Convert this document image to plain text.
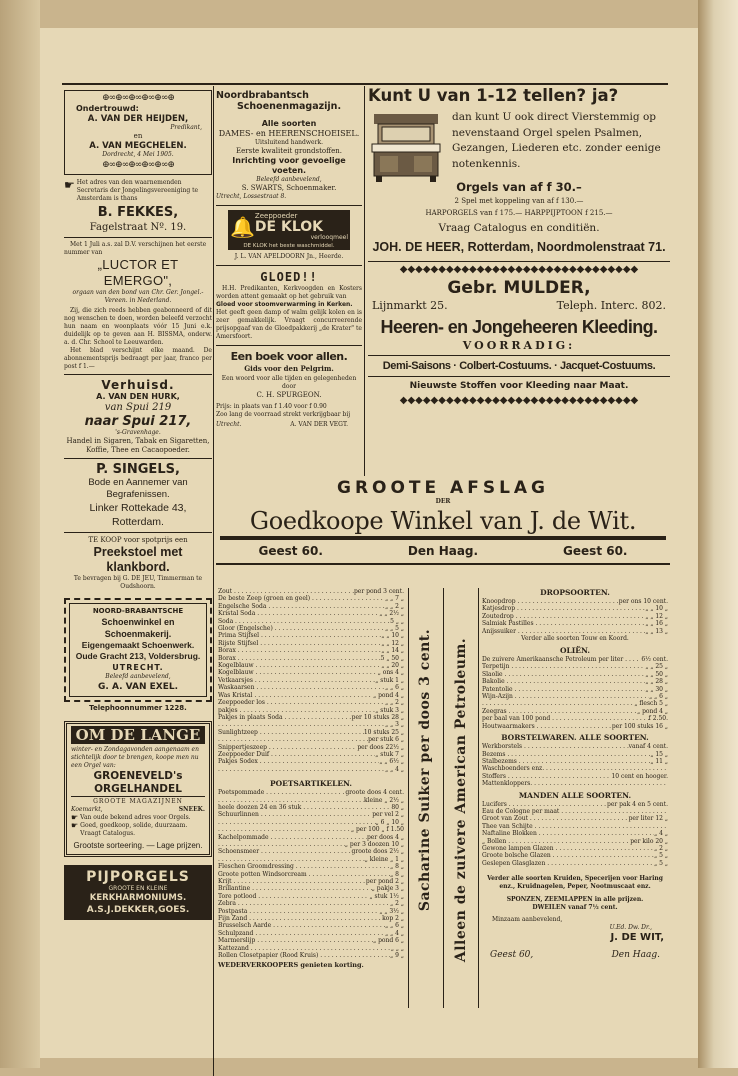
⊕∞⊕∞⊕∞⊕∞⊕∞⊕

Ondertrouwd:

A. VAN DER HEIJDEN,

Predikant,

en

A. VAN MEGCHELEN.

Dordrecht, 4 Mei 1905.

⊕∞⊕∞⊕∞⊕∞⊕∞⊕
☛ Het adres van den waarnemenden Secretaris der Jongelingsvereeniging te Amsterdam is thans

B. FEKKES,

Fagelstraat Nº. 19.

Met 1 Juli a.s. zal D.V. verschijnen het eerste nummer van

„LUCTOR ET EMERGO",

orgaan van den bond van Chr. Ger. Jongel.-Vereen. in Nederland.

Zij, die zich reeds hebben geabonneerd of dit nog wenschen te doen, worden beleefd verzocht hun naam en woonplaats vóór 15 Juni e.k. duidelijk op te geven aan H. BISSMA, onderw. a. d. Chr. School te Leeuwarden.

Het blad verschijnt elke maand. De abonnementsprijs bedraagt per jaar, franco per post f 1.—

Verhuisd.

A. VAN DEN HURK,

van Spui 219

naar Spui 217,

's-Gravenhage.

Handel in Sigaren, Tabak en Sigaretten, Koffie, Thee en Cacaopoeder.

P. SINGELS,

Bode en Aannemer van Begrafenissen.

Linker Rottekade 43, Rotterdam.

TE KOOP voor spotprijs een

Preekstoel met klankbord.

Te bevragen bij G. DE JEU, Timmerman te Oudshoorn.

NOORD-BRABANTSCHE

Schoenwinkel en Schoenmakerij.

Eigengemaakt Schoenwerk.

Oude Gracht 213, Voldersbrug.

UTRECHT.

Beleefd aanbevelend,

G. A. VAN EXEL.

Telephoonnummer 1228.

OM DE LANGE

winter- en Zondagavonden aangenaam en stichtelijk door te brengen, koope men nu een Orgel van:

GROENEVELD's

ORGELHANDEL

GROOTE MAGAZIJNEN

Koemarkt,	SNEEK.
☛ Van oude bekend adres voor Orgels.

☛ Goed, goedkoop, solide, duurzaam. Vraagt Catalogus.

Grootste sorteering. — Lage prijzen.

PIJPORGELS

GROOTE EN KLEINE

KERKHARMONIUMS.

A.S.J.DEKKER,GOES.

Noordbrabantsch

Schoenenmagazijn.

Alle soorten

DAMES- en HEERENSCHOEISEL.

Uitsluitend handwerk.

Eerste kwaliteit grondstoffen.

Inrichting voor gevoelige voeten.

Beleefd aanbevelend,

S. SWARTS, Schoenmaker.

Utrecht, Lossestraat 8.

🔔 Zeeppoeder

DE KLOK

verlooqmeel

DE KLOK het beste waschmiddel.

J. L. VAN APELDOORN Jn., Heerde.

GLOED!!

H.H. Predikanten, Kerkvoogden en Kosters worden attent gemaakt op het gebruik van

Gloed voor stoomverwarming in Kerken.

Het geeft geen damp of walm gelijk kolen en is zeer gemakkelijk. Vraagt concurreerende prijsopgaaf van de Gloedpakkerij „de Krater" te Amersfoort.

Een boek voor allen.

Gids voor den Pelgrim.

Een woord voor alle tijden en gelegenheden

door

C. H. SPURGEON.

Prijs: in plaats van f 1.40 voor f 0.90

Zoo lang de voorraad strekt verkrijgbaar bij

Utrecht.	A. VAN DER VEGT.

Kunt U van 1-12 tellen? ja?

dan kunt U ook direct Vierstemmig op nevenstaand Orgel spelen Psalmen, Gezangen, Liederen etc. zonder eenige notenkennis.

Orgels van af f 30.–

2 Spel met koppeling van af f 130.—

HARPORGELS van f 175.— HARPPIJPTOON f 215.—

Vraag Catalogus en conditiën.

JOH. DE HEER, Rotterdam, Noordmolenstraat 71.

◆◆◆◆◆◆◆◆◆◆◆◆◆◆◆◆◆◆◆◆◆◆◆◆◆◆◆◆◆◆◆

Gebr. MULDER,

Lijnmarkt 25.	Teleph. Interc. 802.

Heeren- en Jongeheeren Kleeding.

VOORRADIG:

Demi-Saisons · Colbert-Costuums. · Jacquet-Costuums.

Nieuwste Stoffen voor Kleeding naar Maat.

◆◆◆◆◆◆◆◆◆◆◆◆◆◆◆◆◆◆◆◆◆◆◆◆◆◆◆◆◆◆◆

GROOTE AFSLAG

DER

Goedkoope Winkel van J. de Wit.

Geest 60.	Den Haag.	Geest 60.
Zout . . .	per pond 3 cent.
De beste Zeep (groen en geel) . . .	„ „ 7 „
Engelsche Soda . . .	„ „ 2 „
Kristal Soda . . .	„ „ 2½ „
Soda . . .	5 „ „
Gloor (Engelsche) . . .	„ „ 5 „
Prima Stijfsel . . .	„ „ 10 „
Rijste Stijfsel . . .	„ „ 12 „
Borax . . .	„ „ 14 „
Borax . . .	5 „ 50 „
Kogelblauw . . .	„ „ 20 „
Kogelblauw . . .	„ ons 4 „
Vetkaarsjes . . .	„ stuk 1 „
Waskaarsen . . .	„ „ 6 „
Was Kristal . . .	„ pond 4 „
Zeeppoeder los . . .	„ „ 2 „
pakjes . . .	„ stuk 3 „
Pakjes in plaats Soda . . .	per 10 stuks 28 „
. . .
„ „ 3 „
Sunlightzeep . . .	10 stuks 25 „
. . .
per stuk 6 „
Snippertjeszeep . . .	per doos 22½ „
Zeeppoeder Duif . . .	„ stuk 7 „
Pakjes Sodex . . .	„ „ 6½ „
. . .
„ „ 4 „

POETSARTIKELEN.

Poetspommade . . .	groote doos 4 cent.
. . .
kleine „ 2½ „
heele doozen 24 en 36 stuk . . .	80 „
Schuurlinnen . . .	per vel 2 „
. . .
„ 6 „ 10 „
. . .
„ per 100 „ f 1.50
Kachelpommade . . .	per doos 4 „
. . .
„ per 3 doozen 10 „
Schoensmeer . . .	groote doos 2½ „
. . .
„ kleine „ 1 „
Fleschen Groomdressing . . .	„ 8 „
Groote potten Windsorcream . . .	„ 8 „
Krijt . . .	per pond 2 „
Brillantine . . .	„ pakje 3 „
Tore potlood . . .	„ stuk 1½ „
Zebra . . .	„ 2 „
Postpasta . . .	„ „ 3½ „
Fijn Zand . . .	kop 2 „
Brusselsch Aarde . . .	„ „ 6 „
Schulpzand . . .	„ „ 4 „
Marmerslijp . . .	„ pond 6 „
Kattezand . . .	„ „ „
Rollen Closetpapier (Rood Kruis) . . .	„ 9 „

WEDERVERKOOPERS genieten korting.

Sacharine Suiker per doos 3 cent. Alleen de zuivere American Petroleum.

DROPSOORTEN.

Knoopdrop . . .	per ons 10 cent.
Katjesdrop . . .	„ „ 10 „
Zoutedrop . . .	„ „ 12 „
Salmiak Pastilles . . .	„ „ 16 „
Anijssuiker . . .	„ „ 13 „

Verder alle soorten Touw en Koord.

OLIËN.

De zuivere Amerikaansche Petroleum per liter . . .	6½ cent.
Terpetijn . . .	„ „ 25 „
Slaolie . . .	„ „ 50 „
Bakolie . . .	„ „ 28 „
Patentolie . . .	„ „ 30 „
Wijn-Azijn . . .	„ „ 6 „
. . .
„ flesch 5 „
Zeegras . . .	„ pond 4 „
per baal van 100 pond . . .	f 2.50.
Houtwaarmakers . . .	per 100 stuks 16 „

BORSTELWAREN. ALLE SOORTEN.

Werkborstels . . .	vanaf 4 cent.
Bezems . . .	„ 15 „
Stalbezems . . .	„ 11 „
Waschboenders enz. . . .
Stoffers . . .	10 cent en hooger.
Mattenkloppers. . . .

MANDEN ALLE SOORTEN.

Lucifers . . .	per pak 4 en 5 cent.
Eau de Cologne per maat . . .
Groot van Zout . . .	per liter 12 „
Thee van Schijte . . .
Naftaline Blokken . . .	„ 4 „
„ Bollen . . .	per kilo 20 „
Gewone lampen Glazen . . .	„ 2 „
Groote bolsche Glazen . . .	„ 5 „
Geslepen Glasglazen . . .	„ 5 „

Verder alle soorten Kruiden, Specerijen voor Haring enz., Kruidnagelen, Peper, Nootmuscaat enz.

SPONZEN, ZEEMLAPPEN in alle prijzen.

DWEILEN vanaf 7½ cent.

Minzaam aanbevelend,

U.Ed. Dw. Dr.,

J. DE WIT,

Geest 60,	Den Haag.
